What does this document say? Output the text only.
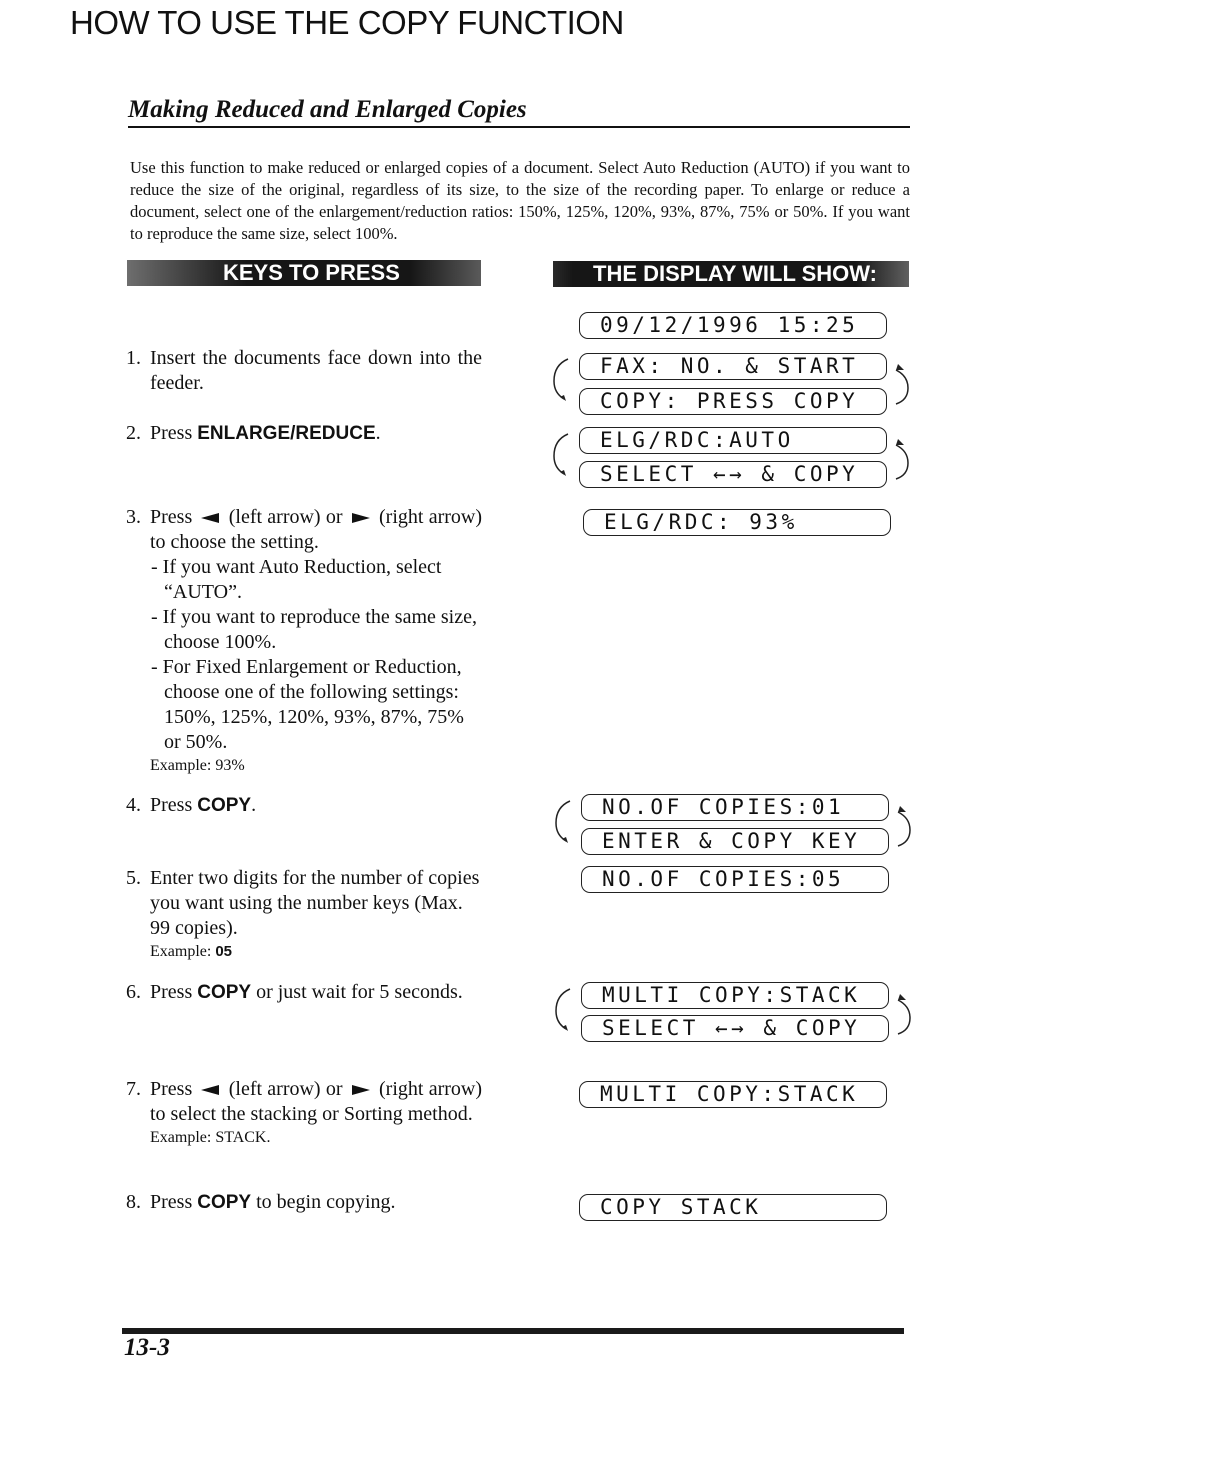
HOW TO USE THE COPY FUNCTION
Making Reduced and Enlarged Copies
Use this function to make reduced or enlarged copies of a document. Select Auto Reduction (AUTO) if you want to reduce the size of the original, regardless of its size, to the size of the recording paper. To enlarge or reduce a document, select one of the enlargement/reduction ratios: 150%, 125%, 120%, 93%, 87%, 75% or 50%. If you want to reproduce the same size, select 100%.
KEYS TO PRESS	THE DISPLAY WILL SHOW:
1. Insert the documents face down into the feeder.
2. Press ENLARGE/REDUCE.
3. Press (left arrow) or (right arrow) to choose the setting.
- If you want Auto Reduction, select “AUTO”.
- If you want to reproduce the same size, choose 100%.
- For Fixed Enlargement or Reduction, choose one of the following settings: 150%, 125%, 120%, 93%, 87%, 75% or 50%.
Example: 93%
4. Press COPY.
5. Enter two digits for the number of copies you want using the number keys (Max. 99 copies).
Example: 05
6. Press COPY or just wait for 5 seconds.
7. Press (left arrow) or (right arrow) to select the stacking or Sorting method.
Example: STACK.
8. Press COPY to begin copying.
09/12/1996 15:25
FAX: NO. & START
COPY: PRESS COPY
ELG/RDC:AUTO
SELECT ←→ & COPY
ELG/RDC: 93%
NO.OF COPIES:01
ENTER & COPY KEY
NO.OF COPIES:05
MULTI COPY:STACK
SELECT ←→ & COPY
MULTI COPY:STACK
COPY STACK
13-3
